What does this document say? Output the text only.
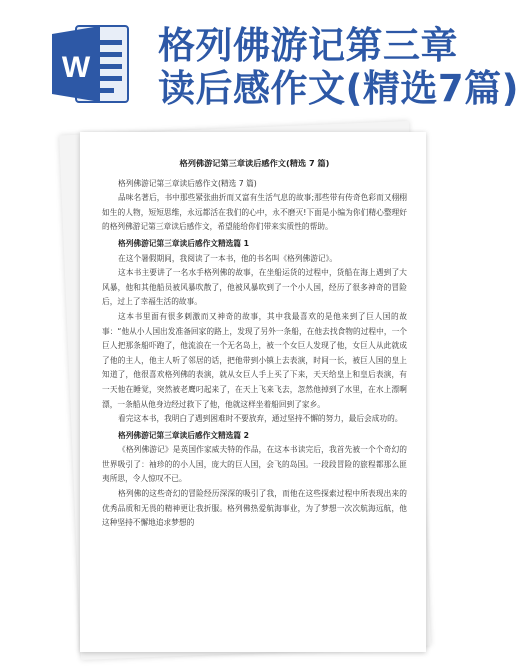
W
格列佛游记第三章
读后感作文(精选7篇)
格列佛游记第三章读后感作文(精选 7 篇)

格列佛游记第三章读后感作文(精选 7 篇)

品味名著后，书中那些紧张曲折而又富有生活气息的故事;那些带有传奇色彩而又栩栩如生的人物，短短思维，永远都活在我们的心中，永不磨灭!下面是小编为你们精心整理好的格列佛游记第三章读后感作文，希望能给你们带来实质性的帮助。

格列佛游记第三章读后感作文精选篇 1

在这个暑假期间，我阅读了一本书，他的书名叫《格列佛游记》。

这本书主要讲了一名水手格列佛的故事，在坐船运货的过程中，货船在海上遇到了大风暴，他和其他船员被风暴吹散了，他被风暴吹到了一个小人国，经历了很多神奇的冒险后，过上了幸福生活的故事。

这本书里面有很多刺激而又神奇的故事，其中我最喜欢的是他来到了巨人国的故事：“他从小人国出发准备回家的路上，发现了另外一条船，在他去找食物的过程中，一个巨人把那条船吓跑了，他流浪在一个无名岛上，被一个女巨人发现了他，女巨人从此就成了他的主人，他主人听了邻居的话，把他带到小镇上去表演，时间一长，被巨人国的皇上知道了，他很喜欢格列佛的表演，就从女巨人手上买了下来，天天给皇上和皇后表演，有一天他在睡觉，突然被老鹰叼起来了，在天上飞来飞去，忽然他掉到了水里，在水上漂啊漂，一条船从他身边经过救下了他，他就这样坐着船回到了家乡。

看完这本书，我明白了遇到困难时不要放弃，通过坚持不懈的努力，最后会成功的。

格列佛游记第三章读后感作文精选篇 2

《格列佛游记》是英国作家威夫特的作品，在这本书读完后，我首先被一个个奇幻的世界吸引了：袖珍的的小人国，庞大的巨人国，会飞的岛国。一段段冒险的旅程都那么匪夷所思，令人惊叹不已。

格列佛的这些奇幻的冒险经历深深的吸引了我，而他在这些探索过程中所表现出来的优秀品质和无畏的精神更让我折服。格列佛热爱航海事业，为了梦想一次次航海远航，他这种坚持不懈地追求梦想的
